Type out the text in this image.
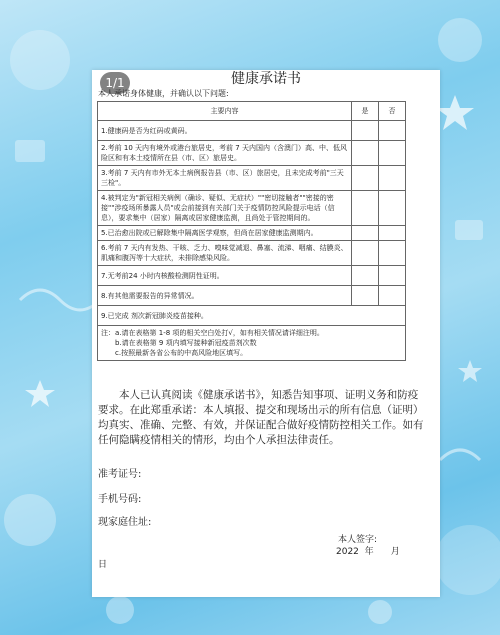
健康承诺书
1/1
本人承诺身体健康，并确认以下问题:
主要内容	是	否
1.健康码是否为红码或黄码。		
2.考前 10 天内有境外或港台旅居史，考前 7 天内国内（含澳门）高、中、低风险区和有本土疫情所在县（市、区）旅居史。		
3.考前 7 天内有市外无本土病例报告县（市、区）旅居史，且未完成考前"三天三检"。		
4.被判定为"新冠相关病例（确诊、疑似、无症状）""密切接触者""密接的密接""涉疫场所暴露人员"或会前接到有关部门关于疫情防控风险提示电话（信息），要求集中（居家）隔离或居家健康监测，且尚处于管控期间的。		
5.已治愈出院或已解除集中隔离医学观察，但尚在居家健康监测期内。		
6.考前 7 天内有发热、干咳、乏力、嗅味觉减退、鼻塞、流涕、咽痛、结膜炎、肌痛和腹泻等十大症状，未排除感染风险。		
7.无考前24 小时内核酸检测阴性证明。		
8.有其他需要报告的异常情况。		
9.已完成 剂次新冠肺炎疫苗接种。		

注：a.请在表格第 1-8 项的相关空白处打√，如有相关情况请详细注明。
b.请在表格第 9 项内填写接种新冠疫苗剂次数
c.按照最新各省公布的中高风险地区填写。		
本人已认真阅读《健康承诺书》，知悉告知事项、证明义务和防疫要求。在此郑重承诺：本人填报、提交和现场出示的所有信息（证明）均真实、准确、完整、有效，并保证配合做好疫情防控相关工作。如有任何隐瞒疫情相关的情形，均由个人承担法律责任。
准考证号:
手机号码:
现家庭住址:
本人签字:
2022  年      月
日
